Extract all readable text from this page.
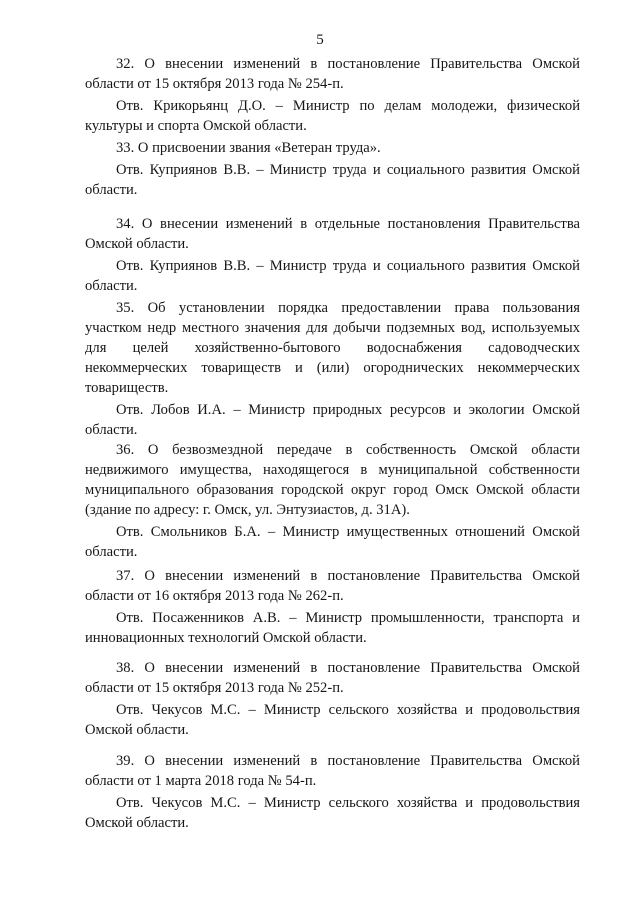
5

32. О внесении изменений в постановление Правительства Омской области от 15 октября 2013 года № 254-п.

Отв. Крикорьянц Д.О. – Министр по делам молодежи, физической культуры и спорта Омской области.

33. О присвоении звания «Ветеран труда».

Отв. Куприянов В.В. – Министр труда и социального развития Омской области.

34. О внесении изменений в отдельные постановления Правительства Омской области.

Отв. Куприянов В.В. – Министр труда и социального развития Омской области.

35. Об установлении порядка предоставлении права пользования участком недр местного значения для добычи подземных вод, используемых для целей хозяйственно-бытового водоснабжения садоводческих некоммерческих товариществ и (или) огороднических некоммерческих товариществ.

Отв. Лобов И.А. – Министр природных ресурсов и экологии Омской области.

36. О безвозмездной передаче в собственность Омской области недвижимого имущества, находящегося в муниципальной собственности муниципального образования городской округ город Омск Омской области (здание по адресу: г. Омск, ул. Энтузиастов, д. 31А).

Отв. Смольников Б.А. – Министр имущественных отношений Омской области.

37. О внесении изменений в постановление Правительства Омской области от 16 октября 2013 года № 262-п.

Отв. Посаженников А.В. – Министр промышленности, транспорта и инновационных технологий Омской области.

38. О внесении изменений в постановление Правительства Омской области от 15 октября 2013 года № 252-п.

Отв. Чекусов М.С. – Министр сельского хозяйства и продовольствия Омской области.

39. О внесении изменений в постановление Правительства Омской области от 1 марта 2018 года № 54-п.

Отв. Чекусов М.С. – Министр сельского хозяйства и продовольствия Омской области.
